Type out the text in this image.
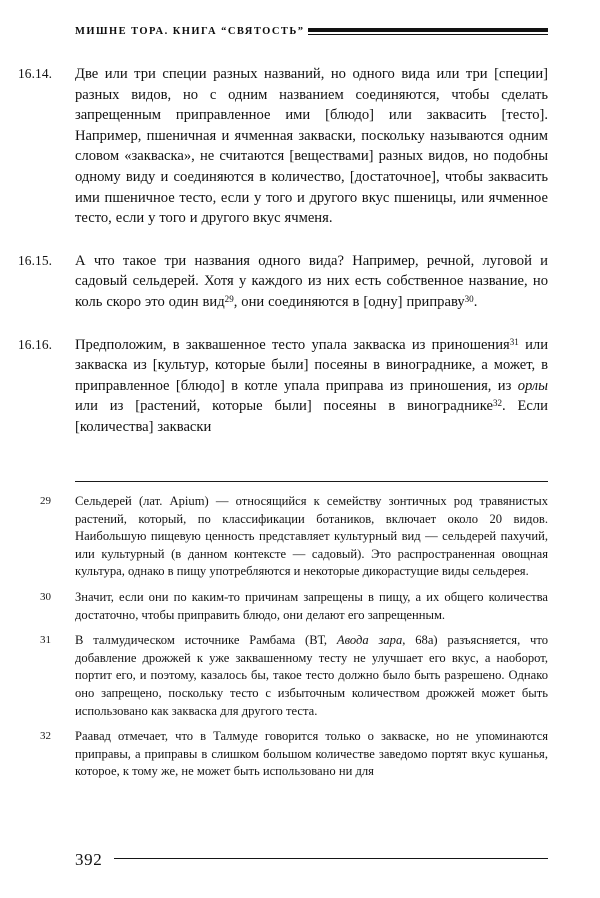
МИШНЕ ТОРА. КНИГА “СВЯТОСТЬ”
16.14.	Две или три специи разных названий, но одного вида или три [специи] разных видов, но с одним названием соединяются, чтобы сделать запрещенным приправленное ими [блюдо] или заквасить [тесто]. Например, пшеничная и ячменная закваски, поскольку называются одним словом «закваска», не считаются [веществами] разных видов, но подобны одному виду и соединяются в количество, [достаточное], чтобы заквасить ими пшеничное тесто, если у того и другого вкус пшеницы, или ячменное тесто, если у того и другого вкус ячменя.
16.15.	А что такое три названия одного вида? Например, речной, луговой и садовый сельдерей. Хотя у каждого из них есть собственное название, но коль скоро это один вид$^{29}$, они соединяются в [одну] приправу$^{30}$.
16.16.	Предположим, в заквашенное тесто упала закваска из приношения$^{31}$ или закваска из [культур, которые были] посеяны в винограднике, а может, в приправленное [блюдо] в котле упала приправа из приношения, из орлы или из [растений, которые были] посеяны в винограднике$^{32}$. Если [количества] закваски
29	Сельдерей (лат. Apium) — относящийся к семейству зонтичных род травянистых растений, который, по классификации ботаников, включает около 20 видов. Наибольшую пищевую ценность представляет культурный вид — сельдерей пахучий, или культурный (в данном контексте — садовый). Это распространенная овощная культура, однако в пищу употребляются и некоторые дикорастущие виды сельдерея.
30	Значит, если они по каким-то причинам запрещены в пищу, а их общего количества достаточно, чтобы приправить блюдо, они делают его запрещенным.
31	В талмудическом источнике Рамбама (ВТ, Авода зара, 68а) разъясняется, что добавление дрожжей к уже заквашенному тесту не улучшает его вкус, а наоборот, портит его, и поэтому, казалось бы, такое тесто должно было быть разрешено. Однако оно запрещено, поскольку тесто с избыточным количеством дрожжей может быть использовано как закваска для другого теста.
32	Раавад отмечает, что в Талмуде говорится только о закваске, но не упоминаются приправы, а приправы в слишком большом количестве заведомо портят вкус кушанья, которое, к тому же, не может быть использовано ни для
392
